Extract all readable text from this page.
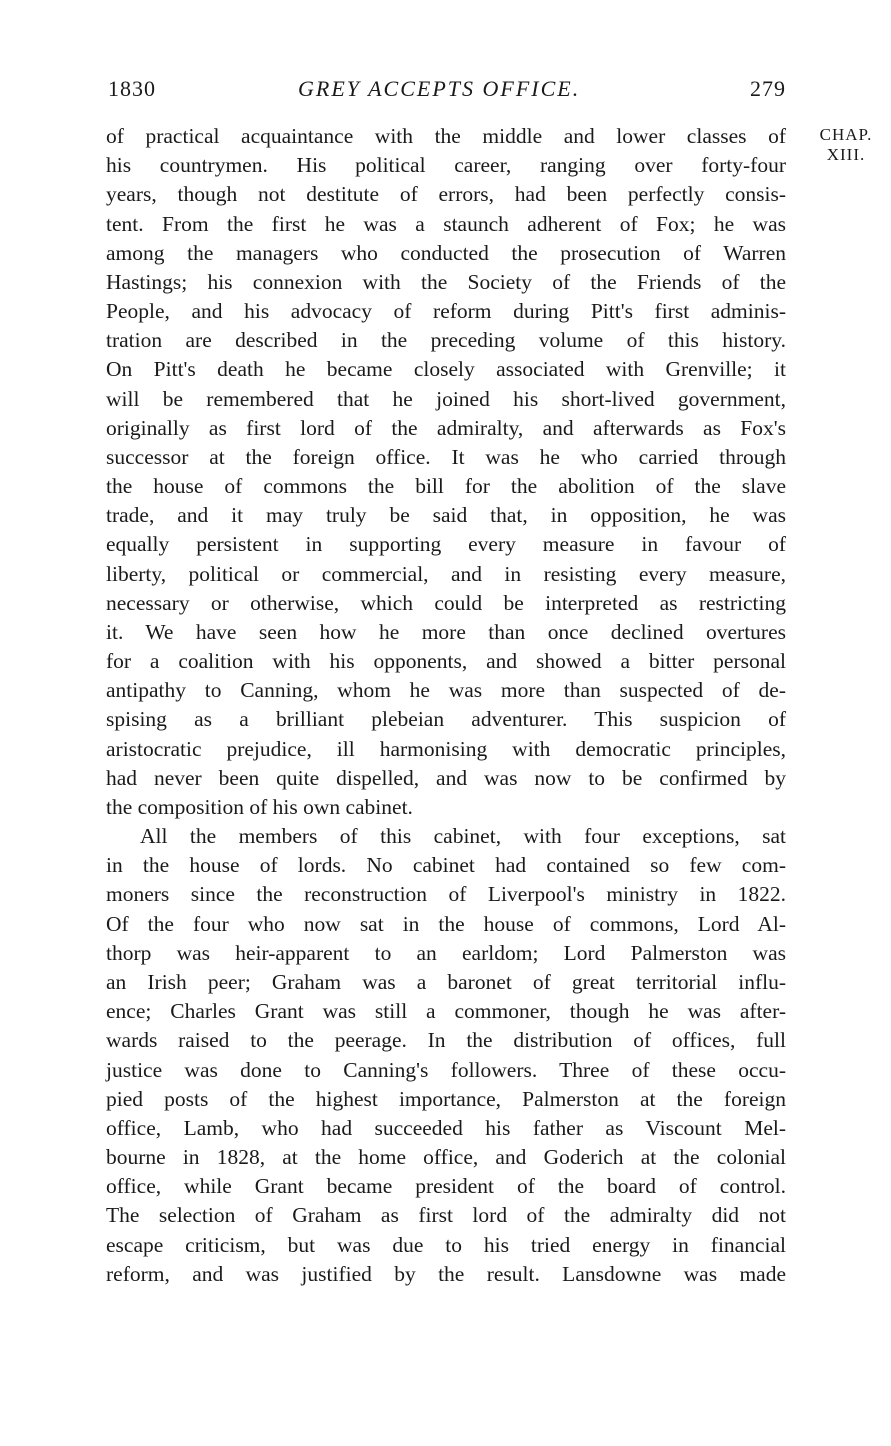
1830	GREY ACCEPTS OFFICE.	279
CHAP.
XIII.
of practical acquaintance with the middle and lower classes of
his countrymen. His political career, ranging over forty-four
years, though not destitute of errors, had been perfectly consis-
tent. From the first he was a staunch adherent of Fox; he was
among the managers who conducted the prosecution of Warren
Hastings; his connexion with the Society of the Friends of the
People, and his advocacy of reform during Pitt's first adminis-
tration are described in the preceding volume of this history.
On Pitt's death he became closely associated with Grenville; it
will be remembered that he joined his short-lived government,
originally as first lord of the admiralty, and afterwards as Fox's
successor at the foreign office. It was he who carried through
the house of commons the bill for the abolition of the slave
trade, and it may truly be said that, in opposition, he was
equally persistent in supporting every measure in favour of
liberty, political or commercial, and in resisting every measure,
necessary or otherwise, which could be interpreted as restricting
it. We have seen how he more than once declined overtures
for a coalition with his opponents, and showed a bitter personal
antipathy to Canning, whom he was more than suspected of de-
spising as a brilliant plebeian adventurer. This suspicion of
aristocratic prejudice, ill harmonising with democratic principles,
had never been quite dispelled, and was now to be confirmed by
the composition of his own cabinet.
All the members of this cabinet, with four exceptions, sat
in the house of lords. No cabinet had contained so few com-
moners since the reconstruction of Liverpool's ministry in 1822.
Of the four who now sat in the house of commons, Lord Al-
thorp was heir-apparent to an earldom; Lord Palmerston was
an Irish peer; Graham was a baronet of great territorial influ-
ence; Charles Grant was still a commoner, though he was after-
wards raised to the peerage. In the distribution of offices, full
justice was done to Canning's followers. Three of these occu-
pied posts of the highest importance, Palmerston at the foreign
office, Lamb, who had succeeded his father as Viscount Mel-
bourne in 1828, at the home office, and Goderich at the colonial
office, while Grant became president of the board of control.
The selection of Graham as first lord of the admiralty did not
escape criticism, but was due to his tried energy in financial
reform, and was justified by the result. Lansdowne was made
